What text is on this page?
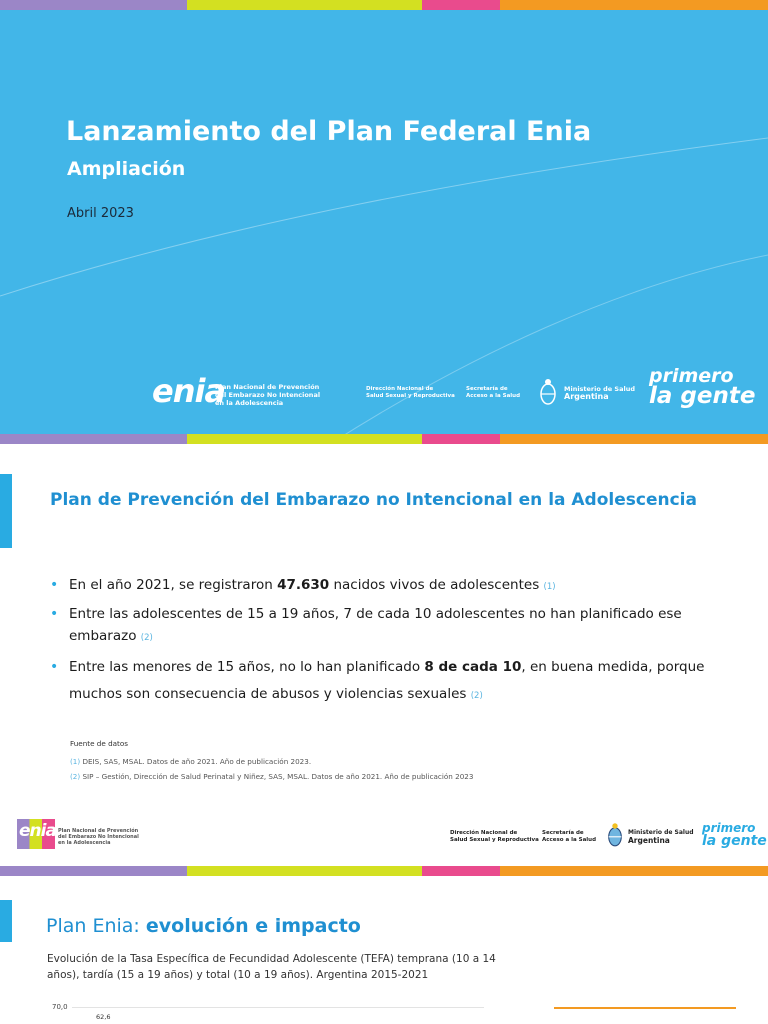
Lanzamiento del Plan Federal Enia
Ampliación
Abril 2023
enia
Plan Nacional de Prevención
del Embarazo No Intencional
en la Adolescencia
Dirección Nacional de
Salud Sexual y Reproductiva
Secretaría de
Acceso a la Salud
Ministerio de Salud
Argentina
primero
la gente
Plan de Prevención del Embarazo no Intencional en la Adolescencia
• En el año 2021, se registraron 47.630 nacidos vivos de adolescentes (1)
• Entre las adolescentes de 15 a 19 años, 7 de cada 10 adolescentes no han planificado ese embarazo (2)
• Entre las menores de 15 años, no lo han planificado 8 de cada 10, en buena medida, porque muchos son consecuencia de abusos y violencias sexuales (2)
Fuente de datos
(1) DEIS, SAS, MSAL. Datos de año 2021. Año de publicación 2023.
(2) SIP – Gestión, Dirección de Salud Perinatal y Niñez, SAS, MSAL. Datos de año 2021. Año de publicación 2023
enia Plan Nacional de Prevención
del Embarazo No Intencional
en la Adolescencia
Dirección Nacional de
Salud Sexual y Reproductiva
Secretaría de
Acceso a la Salud
Ministerio de Salud
Argentina
primero
la gente
Plan Enia: evolución e impacto
Evolución de la Tasa Específica de Fecundidad Adolescente (TEFA) temprana (10 a 14 años), tardía (15 a 19 años) y total (10 a 19 años). Argentina 2015-2021
70,0
62,6
